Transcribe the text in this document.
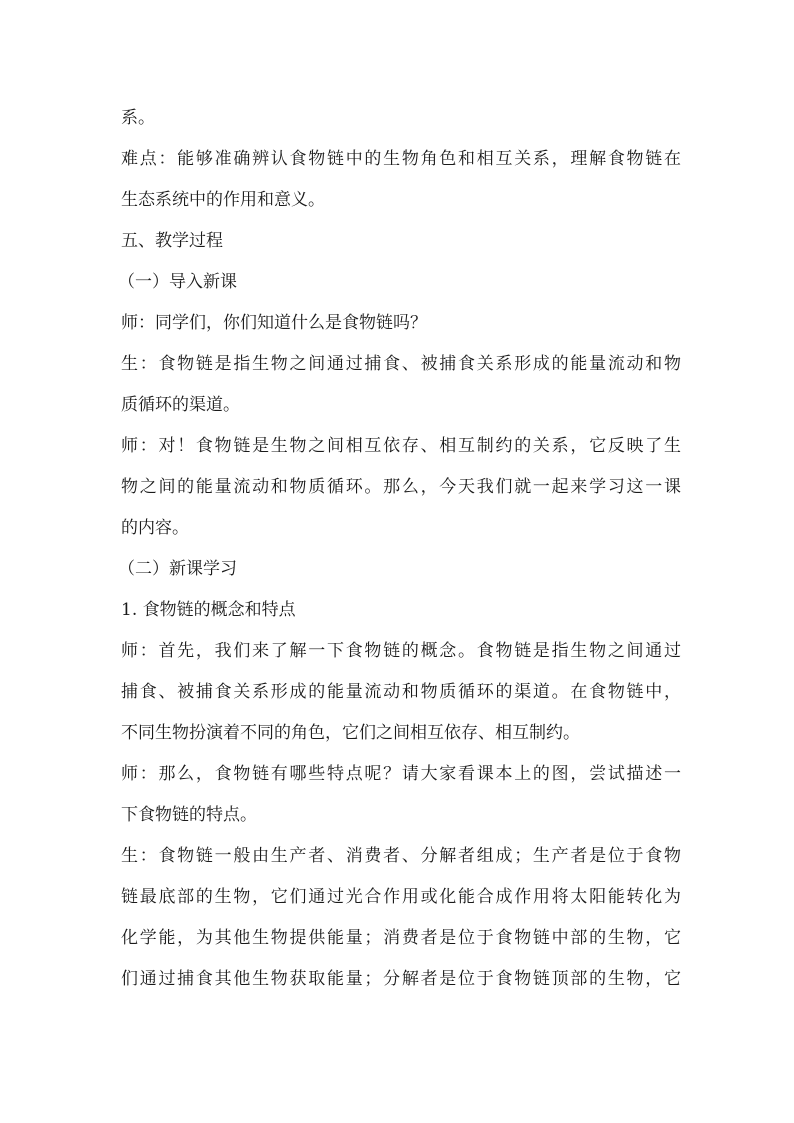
系。
难点：能够准确辨认食物链中的生物角色和相互关系，理解食物链在
生态系统中的作用和意义。
五、教学过程
（一）导入新课
师：同学们，你们知道什么是食物链吗？
生：食物链是指生物之间通过捕食、被捕食关系形成的能量流动和物
质循环的渠道。
师：对！食物链是生物之间相互依存、相互制约的关系，它反映了生
物之间的能量流动和物质循环。那么，今天我们就一起来学习这一课
的内容。
（二）新课学习
1. 食物链的概念和特点
师：首先，我们来了解一下食物链的概念。食物链是指生物之间通过
捕食、被捕食关系形成的能量流动和物质循环的渠道。在食物链中，
不同生物扮演着不同的角色，它们之间相互依存、相互制约。
师：那么，食物链有哪些特点呢？请大家看课本上的图，尝试描述一
下食物链的特点。
生：食物链一般由生产者、消费者、分解者组成；生产者是位于食物
链最底部的生物，它们通过光合作用或化能合成作用将太阳能转化为
化学能，为其他生物提供能量；消费者是位于食物链中部的生物，它
们通过捕食其他生物获取能量；分解者是位于食物链顶部的生物，它
